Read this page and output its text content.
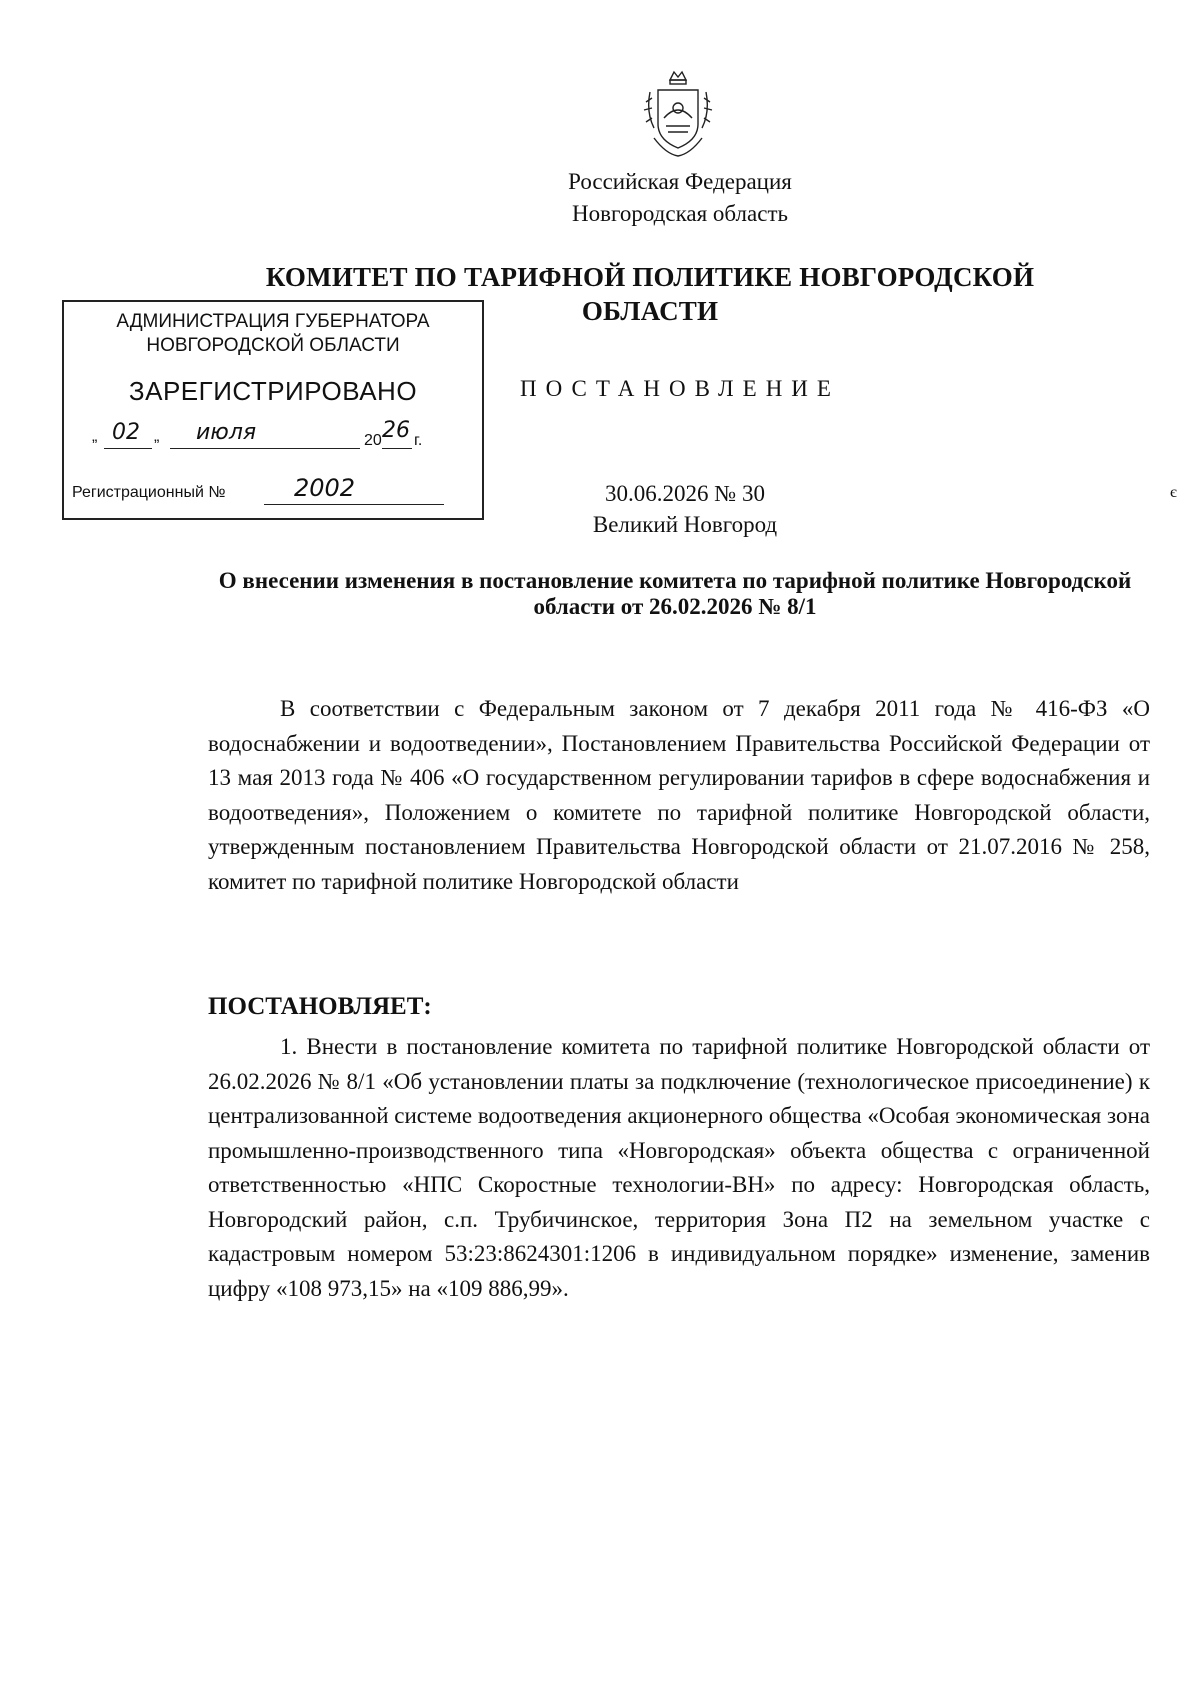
Российская Федерация
Новгородская область
КОМИТЕТ ПО ТАРИФНОЙ ПОЛИТИКЕ НОВГОРОДСКОЙ ОБЛАСТИ
АДМИНИСТРАЦИЯ ГУБЕРНАТОРА
НОВГОРОДСКОЙ ОБЛАСТИ
ЗАРЕГИСТРИРОВАНО
„ 02 „ июля	20 26 г.
Регистрационный №	2002
ПОСТАНОВЛЕНИЕ
30.06.2026 № 30
Великий Новгород
є
О внесении изменения в постановление комитета по тарифной политике Новгородской области от 26.02.2026 № 8/1
В соответствии с Федеральным законом от 7 декабря 2011 года № 416-ФЗ «О водоснабжении и водоотведении», Постановлением Правительства Российской Федерации от 13 мая 2013 года № 406 «О государственном регулировании тарифов в сфере водоснабжения и водоотведения», Положением о комитете по тарифной политике Новгородской области, утвержденным постановлением Правительства Новгородской области от 21.07.2016 № 258, комитет по тарифной политике Новгородской области
ПОСТАНОВЛЯЕТ:
1. Внести в постановление комитета по тарифной политике Новгородской области от 26.02.2026 № 8/1 «Об установлении платы за подключение (технологическое присоединение) к централизованной системе водоотведения акционерного общества «Особая экономическая зона промышленно-производственного типа «Новгородская» объекта общества с ограниченной ответственностью «НПС Скоростные технологии-ВН» по адресу: Новгородская область, Новгородский район, с.п. Трубичинское, территория Зона П2 на земельном участке с кадастровым номером 53:23:8624301:1206 в индивидуальном порядке» изменение, заменив цифру «108 973,15» на «109 886,99».
